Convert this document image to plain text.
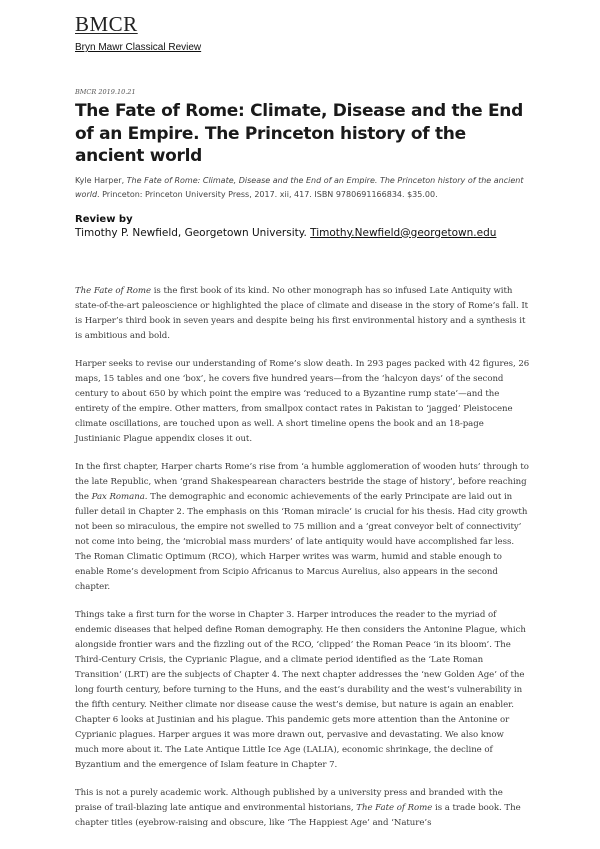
BMCR
Bryn Mawr Classical Review
BMCR 2019.10.21
The Fate of Rome: Climate, Disease and the End of an Empire. The Princeton history of the ancient world

Kyle Harper, The Fate of Rome: Climate, Disease and the End of an Empire. The Princeton history of the ancient world. Princeton: Princeton University Press, 2017. xii, 417. ISBN 9780691166834. $35.00.

Review by
Timothy P. Newfield, Georgetown University. Timothy.Newfield@georgetown.edu

The Fate of Rome is the first book of its kind. No other monograph has so infused Late Antiquity with state-of-the-art paleoscience or highlighted the place of climate and disease in the story of Rome’s fall. It is Harper’s third book in seven years and despite being his first environmental history and a synthesis it is ambitious and bold.

Harper seeks to revise our understanding of Rome’s slow death. In 293 pages packed with 42 figures, 26 maps, 15 tables and one ‘box’, he covers five hundred years—from the ‘halcyon days’ of the second century to about 650 by which point the empire was ‘reduced to a Byzantine rump state’—and the entirety of the empire. Other matters, from smallpox contact rates in Pakistan to ‘jagged’ Pleistocene climate oscillations, are touched upon as well. A short timeline opens the book and an 18-page Justinianic Plague appendix closes it out.

In the first chapter, Harper charts Rome’s rise from ‘a humble agglomeration of wooden huts’ through to the late Republic, when ‘grand Shakespearean characters bestride the stage of history’, before reaching the Pax Romana. The demographic and economic achievements of the early Principate are laid out in fuller detail in Chapter 2. The emphasis on this ‘Roman miracle’ is crucial for his thesis. Had city growth not been so miraculous, the empire not swelled to 75 million and a ‘great conveyor belt of connectivity’ not come into being, the ‘microbial mass murders’ of late antiquity would have accomplished far less. The Roman Climatic Optimum (RCO), which Harper writes was warm, humid and stable enough to enable Rome’s development from Scipio Africanus to Marcus Aurelius, also appears in the second chapter.

Things take a first turn for the worse in Chapter 3. Harper introduces the reader to the myriad of endemic diseases that helped define Roman demography. He then considers the Antonine Plague, which alongside frontier wars and the fizzling out of the RCO, ‘clipped’ the Roman Peace ‘in its bloom’. The Third-Century Crisis, the Cyprianic Plague, and a climate period identified as the ‘Late Roman Transition’ (LRT) are the subjects of Chapter 4. The next chapter addresses the ‘new Golden Age’ of the long fourth century, before turning to the Huns, and the east’s durability and the west’s vulnerability in the fifth century. Neither climate nor disease cause the west’s demise, but nature is again an enabler. Chapter 6 looks at Justinian and his plague. This pandemic gets more attention than the Antonine or Cyprianic plagues. Harper argues it was more drawn out, pervasive and devastating. We also know much more about it. The Late Antique Little Ice Age (LALIA), economic shrinkage, the decline of Byzantium and the emergence of Islam feature in Chapter 7.

This is not a purely academic work. Although published by a university press and branded with the praise of trail-blazing late antique and environmental historians, The Fate of Rome is a trade book. The chapter titles (eyebrow-raising and obscure, like ‘The Happiest Age’ and ‘Nature’s
